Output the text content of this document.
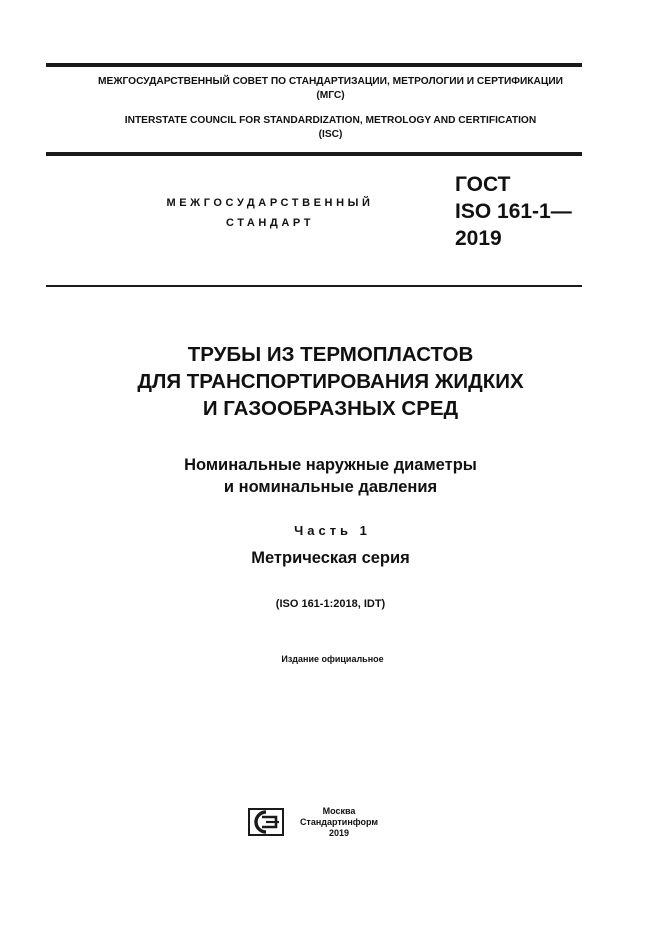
МЕЖГОСУДАРСТВЕННЫЙ СОВЕТ ПО СТАНДАРТИЗАЦИИ, МЕТРОЛОГИИ И СЕРТИФИКАЦИИ
(МГС)
INTERSTATE COUNCIL FOR STANDARDIZATION, METROLOGY AND CERTIFICATION
(ISC)
МЕЖГОСУДАРСТВЕННЫЙ
СТАНДАРТ
ГОСТ
ISO 161-1—
2019
ТРУБЫ ИЗ ТЕРМОПЛАСТОВ
ДЛЯ ТРАНСПОРТИРОВАНИЯ ЖИДКИХ
И ГАЗООБРАЗНЫХ СРЕД
Номинальные наружные диаметры
и номинальные давления
Часть 1
Метрическая серия
(ISO 161-1:2018, IDT)
Издание официальное
Москва
Стандартинформ
2019
